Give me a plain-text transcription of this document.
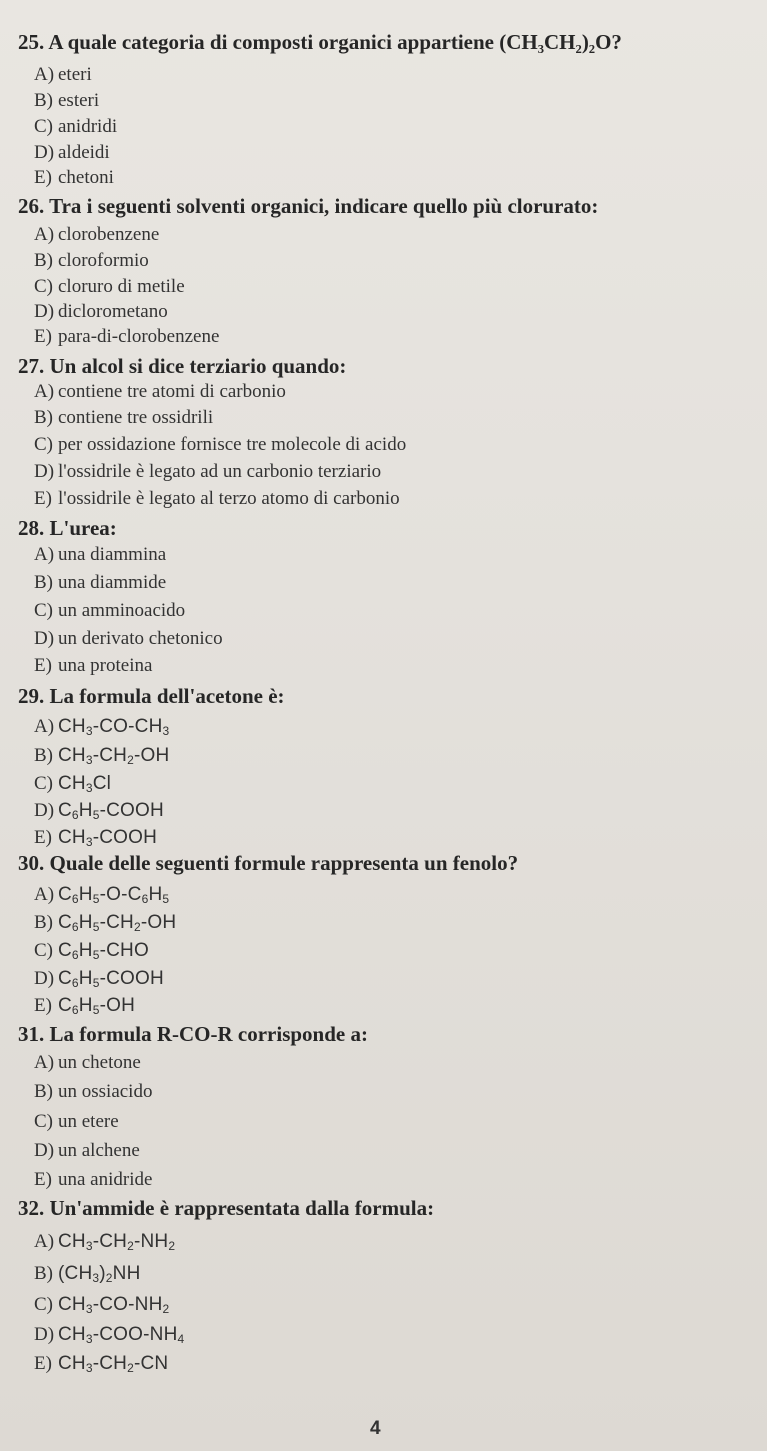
25. A quale categoria di composti organici appartiene (CH₃CH₂)₂O?
A) eteri
B) esteri
C) anidridi
D) aldeidi
E) chetoni
26. Tra i seguenti solventi organici, indicare quello più clorurato:
A) clorobenzene
B) cloroformio
C) cloruro di metile
D) diclorometano
E) para-di-clorobenzene
27. Un alcol si dice terziario quando:
A) contiene tre atomi di carbonio
B) contiene tre ossidrili
C) per ossidazione fornisce tre molecole di acido
D) l'ossidrile è legato ad un carbonio terziario
E) l'ossidrile è legato al terzo atomo di carbonio
28. L'urea:
A) una diammina
B) una diammide
C) un amminoacido
D) un derivato chetonico
E) una proteina
29. La formula dell'acetone è:
A) $CH_3-CO-CH_3$
B) $CH_3-CH_2-OH$
C) $CH_3Cl$
D) $C_6H_5$-COOH
E) $CH_3$-COOH
30. Quale delle seguenti formule rappresenta un fenolo?
A) $C_6H_5-O-C_6H_5$
B) $C_6H_5-CH_2-OH$
C) $C_6H_5$-CHO
D) $C_6H_5$-COOH
E) $C_6H_5-OH$
31. La formula R-CO-R corrisponde a:
A) un chetone
B) un ossiacido
C) un etere
D) un alchene
E) una anidride
32. Un'ammide è rappresentata dalla formula:
A) $CH_3-CH_2-NH_2$
B) $(CH_3)_2NH$
C) $CH_3-CO-NH_2$
D) $CH_3-COO-NH_4$
E) $CH_3-CH_2-CN$
4
